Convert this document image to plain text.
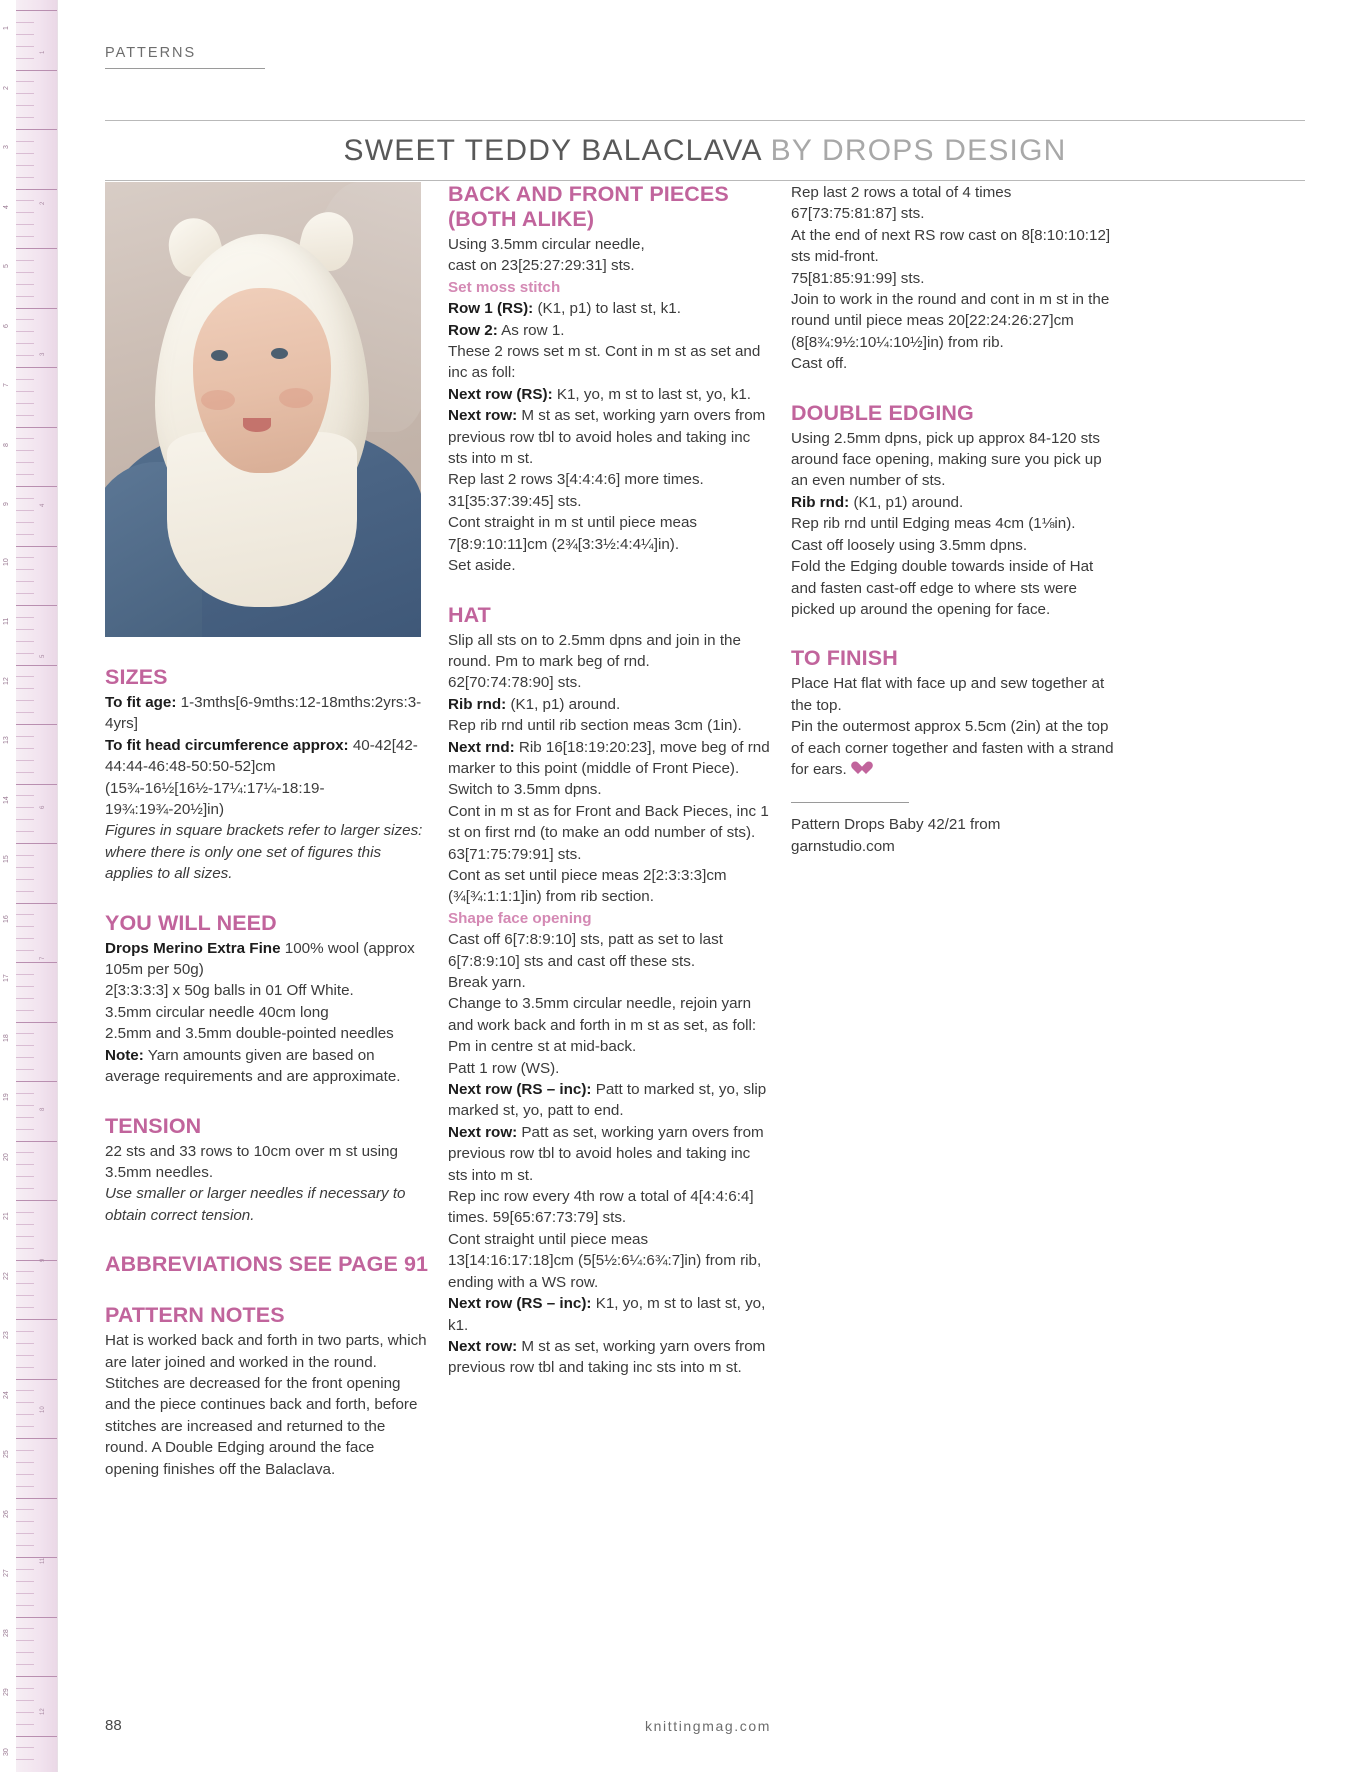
1
2
3
4
5
6
7
8
9
10
11
12
13
14
15
16
17
18
19
20
21
22
23
24
25
26
27
28
29
30
1
2
3
4
5
6
7
8
9
10
11
12
PATTERNS
SWEET TEDDY BALACLAVA BY DROPS DESIGN
SIZES

To fit age: 1-3mths[6-9mths:12-18mths:2yrs:3-4yrs]

To fit head circumference approx: 40-42[42-44:44-46:48-50:50-52]cm (15¾-16½[16½-17¼:17¼-18:19-19¾:19¾-20½]in)

Figures in square brackets refer to larger sizes: where there is only one set of figures this applies to all sizes.

YOU WILL NEED

Drops Merino Extra Fine 100% wool (approx 105m per 50g)

2[3:3:3:3] x 50g balls in 01 Off White.

3.5mm circular needle 40cm long

2.5mm and 3.5mm double-pointed needles

Note: Yarn amounts given are based on average requirements and are approximate.

TENSION

22 sts and 33 rows to 10cm over m st using 3.5mm needles.

Use smaller or larger needles if necessary to obtain correct tension.

ABBREVIATIONS SEE PAGE 91
PATTERN NOTES

Hat is worked back and forth in two parts, which are later joined and worked in the round. Stitches are decreased for the front opening and the piece continues back and forth, before stitches are increased and returned to the round. A Double Edging around the face opening finishes off the Balaclava.

BACK AND FRONT PIECES (BOTH ALIKE)

Using 3.5mm circular needle,

cast on 23[25:27:29:31] sts.

Set moss stitch

Row 1 (RS): (K1, p1) to last st, k1.

Row 2: As row 1.

These 2 rows set m st. Cont in m st as set and inc as foll:

Next row (RS): K1, yo, m st to last st, yo, k1.

Next row: M st as set, working yarn overs from previous row tbl to avoid holes and taking inc sts into m st.

Rep last 2 rows 3[4:4:4:6] more times.

31[35:37:39:45] sts.

Cont straight in m st until piece meas 7[8:9:10:11]cm (2¾[3:3½:4:4¼]in).

Set aside.

HAT

Slip all sts on to 2.5mm dpns and join in the round. Pm to mark beg of rnd.

62[70:74:78:90] sts.

Rib rnd: (K1, p1) around.

Rep rib rnd until rib section meas 3cm (1in).

Next rnd: Rib 16[18:19:20:23], move beg of rnd marker to this point (middle of Front Piece).

Switch to 3.5mm dpns.

Cont in m st as for Front and Back Pieces, inc 1 st on first rnd (to make an odd number of sts). 63[71:75:79:91] sts.

Cont as set until piece meas 2[2:3:3:3]cm (¾[¾:1:1:1]in) from rib section.

Shape face opening

Cast off 6[7:8:9:10] sts, patt as set to last 6[7:8:9:10] sts and cast off these sts.

Break yarn.

Change to 3.5mm circular needle, rejoin yarn and work back and forth in m st as set, as foll:

Pm in centre st at mid-back.

Patt 1 row (WS).

Next row (RS – inc): Patt to marked st, yo, slip marked st, yo, patt to end.

Next row: Patt as set, working yarn overs from previous row tbl to avoid holes and taking inc sts into m st.

Rep inc row every 4th row a total of 4[4:4:6:4] times. 59[65:67:73:79] sts.

Cont straight until piece meas 13[14:16:17:18]cm (5[5½:6¼:6¾:7]in) from rib, ending with a WS row.

Next row (RS – inc): K1, yo, m st to last st, yo, k1.

Next row: M st as set, working yarn overs from previous row tbl and taking inc sts into m st.

Rep last 2 rows a total of 4 times

67[73:75:81:87] sts.

At the end of next RS row cast on 8[8:10:10:12] sts mid-front.

75[81:85:91:99] sts.

Join to work in the round and cont in m st in the round until piece meas 20[22:24:26:27]cm (8[8¾:9½:10¼:10½]in) from rib.

Cast off.

DOUBLE EDGING

Using 2.5mm dpns, pick up approx 84-120 sts around face opening, making sure you pick up an even number of sts.

Rib rnd: (K1, p1) around.

Rep rib rnd until Edging meas 4cm (1⅛in).

Cast off loosely using 3.5mm dpns.

Fold the Edging double towards inside of Hat and fasten cast-off edge to where sts were picked up around the opening for face.

TO FINISH

Place Hat flat with face up and sew together at the top.

Pin the outermost approx 5.5cm (2in) at the top of each corner together and fasten with a strand for ears.

Pattern Drops Baby 42/21 from

garnstudio.com

88	knittingmag.com
